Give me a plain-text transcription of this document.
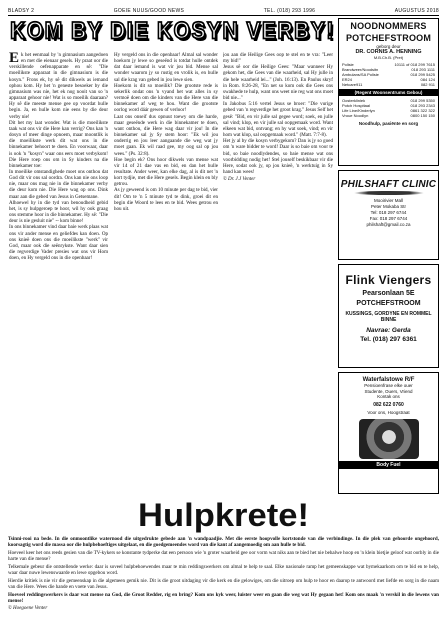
BLADSY 2	GOEIE NUUS/GOOD NEWS	TEL. (018) 293 1996	AUGUSTUS 2018
KOM BY DIE KOSYN VERBY!

Ek het eenmaal by 'n gimnasium aangedoen en met die eienaar gesels. Hy praat oor die verskillende oefenapparate en sê: "Die moeilikste apparaat in die gimnasium is die kosyn." Frons ek, hy sê dit dikwels as iemand ophou kom. Hy het 'n geneste besoeker by die gimnasium was nie, het ek nog nooit van so 'n apparaat gehoor nie! Wat is so moeilik daaraan? Hy sê die meeste mense gee op voordat hulle begin. Ja, en hulle kom nie eens by die deur verby nie!

Dit het my laat wonder. Wat is die moeilikste taak wat ons vir die Here kan verrig? Ons kan 'n dosyn of meer dinge opnoem, maar moontlik is die moeilikste werk dit wat ons in die binnekamer behoort te doen. En voorwaar, daar is ook 'n "kosyn" waar ons eers moet verbykom! Die Here roep ons om in Sy kinders na die binnekamer toe:

In moeilike omstandighede moet ons onthou dat God dit vir ons sal oordra. Ons kan nie ons loop nie, maar ons mag nie in die binnekamer verby die deur kom nie. Die Here wag op ons. Dink maar aan die gebed van Jesus in Getsemane.

Alhoewel hy in die tyd van benoudheid gebid het, is sy hulpgeroep te hoor, wil hy ook graag ons stemme hoor in die binnekamer. Hy sê: "Die deur is nie gesluit nie" -- kom binne!

In ons binnekamer vind daar baie werk plaas wat ons vir ander mense en geliefdes kan doen. Op ons knieë doen ons die moeilikste "werk" vir God, maar ook die seënrykste. Want daar sien die regverdige Vader presies wat ons vir Hom doen, en Hy vergeld ons in die openbaar!

Hy vergeld ons in die openbaar! Almal sal wonder hoekom jy lewe so geseënd is totdat hulle ontdek dat daar iemand is wat vir jou bid. Mense sal wonder waarom jy so rustig en vrolik is, en hulle sal die krag van gebed in jou lewe sien.

Hoekom is dit so moeilik? Die grootste rede is sekerlik ondat ons 'n vyand het wat alles in sy vermoë doen om die kinders van die Here van die binnekamer af weg te hou. Want die grootste oorlog word dáár gewen of verloor!

Laat ons onseif dus opnuut toewy om die harde, maar geseënde werk in die binnekamer te doen, want onthou, die Here wag daar vir jou! In die binnekamer sal jy Sy stem hoor: "Ek wil jou onderrig en jou leer aangaande die weg wat jy moet gaan. Ek wil raad gee, my oog sal op jou wees." (Ps. 32:8).

Hoe begin ek? Ons hoor dikwels van mense wat vir 14 of 21 dae vas en bid, en dan het hulle resultate. Ander weer, kan elke dag, al is dit net 'n kort tydjie, met die Here gesels. Begin klein en bly getrou.

As jy geweend is om 10 minute per dag te bid, vier dit! Om te 'n 5 minute tyd te dink, groei dit en begin die Woord te lees en te bid. Wees getrou en hou uit.

jou aan die Heilige Gees oop te stel en te vra: "Leer my bid!"

Jesus sê oor die Heilige Gees: "Maar wanneer Hy gekom het, die Gees van die waarheid, sal Hy julle in die hele waarheid lei..." (Joh. 16:13). En Paulus skryf in Rom. 8:26-28, "En net so kom ook die Gees ons swakhede te hulp, want ons weet nie reg wat ons moet bid nie..."

In Jakobus 5:16 vertel Jesus se broer: "Die vurige gebed van 'n regverdige het groot krag." Jesus Self het gesê: "Bid, en vir julle sal gegee word; soek, en julle sal vind; klop, en vir julle sal oopgemaak word. Want elkeen wat bid, ontvang; en hy wat soek, vind; en vir hom wat klop, sal oopgemaak word." (Matt. 7:7-8).

Het jy al by die kosyn verbygekom? Dan is jy so goed om 'n ware bidder te word! Daar is so baie om voor te bid, so baie noodlydendes, so baie mense wat ons voorbidding nodig het! Stel jouself beskikbaar vir die Here, sodat ook jy, op jou knieë, 'n werktuig in Sy hand kan wees!

© Dr. J.J Venter

NOODNOMMERS
POTCHEFSTROOM
geborg deur
DR. CORNIS A. HENNING
M.B.Ch.B. (Pret)
Polisie	10111 of 018 299 7615
Brandweer/Noodsitn	018 293 1111
Ambulans/SA Polisie	018 299 5425
ER24	084 124
Netcare911	082 911
(Regent Woonsentrums Gebou)
Oosterkliniek	018 299 5350
Potch Hospitaal	018 293 2343
Life Line/Kinderlyn	0861 322 322
Vroue Noodlyn	0800 150 150
Noodhulp, pasiënte en sorg
PHILSHAFT CLINIC
Mooirivier Mall
Peter Mokaba Str
Tel: 018 297 6744
Fax: 018 297 6744
philshaft@gmail.co.za
Flink Viengers
Pearsonlaan 5E
POTCHEFSTROOM
KUSSINGS, GORDYNE EN ROMMEL BINNE
Navrae: Gerda
Tel. (018) 297 6361
Waterfalstowe R/F
Pensioenfrase elke ouer
Studente, Ouers, Vriend
Kontak ons
082 622 0760
Voor ons, Hoogstraat
Body Fuel
Hulpkrete!

Tsinni-rooi na bede. In die onmoontlike waternood die uitgedrukte gebede aan 'n wandpaadjie. Met die eerste hoopvolle kortstonde van die verbindinge. In die plek van gehoorde ongehoord, koorsagtig word die massa oor die hulpbehoeftiges uitgelaat, en die goedgemeendes word van die kant af aangemoedig om aan hulle te bid.

Hoeveel keer het ons reeds gesien van die TV-kykers se konstante tydperke dat een persoon wie 'n groter waarheid gee oor vorm wat niks aan te bied het nie behalwe hoop en 'n klein bietjie geloof wat oorbly in die harte van die mense?

Telkemale gebeur die ontstellende werke: daar is soveel hulpbehoewendes maar te min reddingswerkers om almal te help te saal. Elke nasionale ramp het gemeenskappe wat bymekaarkom om te bid en te help, waar daar nuwe lewenswaarde en lewe opgebou word.

Hierdie kritiek is nie vir die gemeenskap in die algemeen gemik nie. Dit is die groot uitdaging vir die kerk en die gelowiges, om die uitroep om hulp te hoor en daarop te antwoord met liefde en sorg in die naam van die Here. Wees die hande en voete van Jesus.

Hoeveel reddingswerkers is daar wat mense na God, die Groot Redder, rig en bring? Kom ons kyk weer, luister weer en gaan die weg wat Hy gegaan het! Kom ons maak 'n verskil in die lewens van mense!

© Hoegoene Venter
